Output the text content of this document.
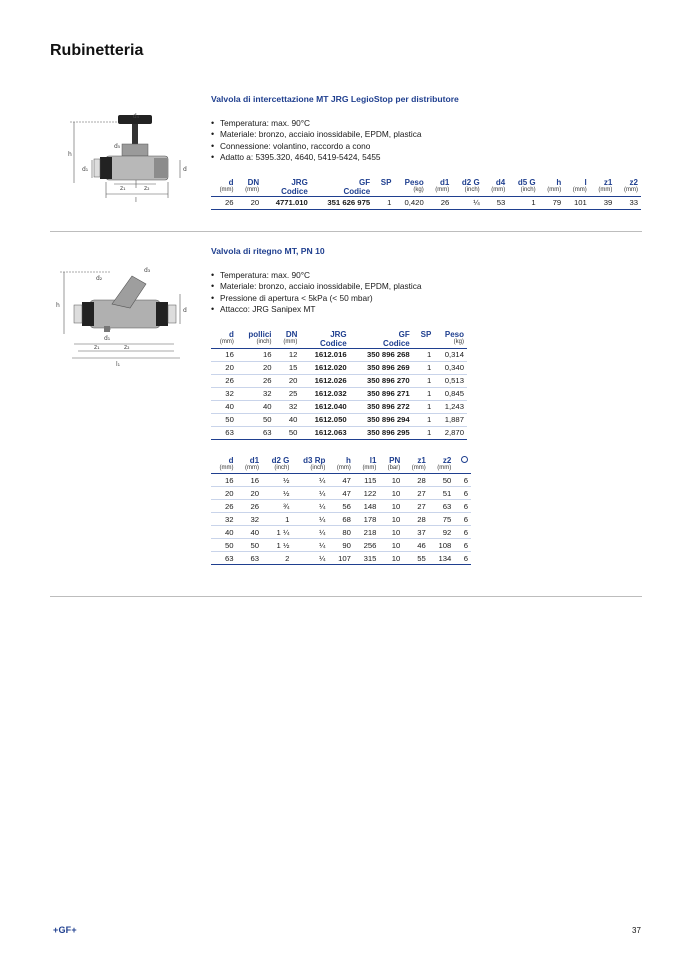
Rubinetteria
d₄
h
d₅
d₁	d
z₁	z₂
l
Valvola di intercettazione MT JRG LegioStop per distributore
• Temperatura: max. 90°C
• Materiale: bronzo, acciaio inossidabile, EPDM, plastica
• Connessione: volantino, raccordo a cono
• Adatto a: 5395.320, 4640, 5419-5424, 5455
d	DN	JRG	GF	SP	Peso	d1	d2 G	d4	d5 G	h	l	z1	z2
(mm)	(mm)	Codice	Codice		(kg)	(mm)	(inch)	(mm)	(inch)	(mm)	(mm)	(mm)	(mm)
26	20	4771.010	351 626 975	1	0,420	26	¼	53	1	79	101	39	33
d₃
d₂
h
d₁
d
z₁	z₂
l₁
Valvola di ritegno MT, PN 10
• Temperatura: max. 90°C
• Materiale: bronzo, acciaio inossidabile, EPDM, plastica
• Pressione di apertura < 5kPa (< 50 mbar)
• Attacco: JRG Sanipex MT
d	pollici	DN	JRG	GF	SP	Peso
(mm)	(inch)	(mm)	Codice	Codice		(kg)
16	16	12	1612.016	350 896 268	1	0,314
20	20	15	1612.020	350 896 269	1	0,340
26	26	20	1612.026	350 896 270	1	0,513
32	32	25	1612.032	350 896 271	1	0,845
40	40	32	1612.040	350 896 272	1	1,243
50	50	40	1612.050	350 896 294	1	1,887
63	63	50	1612.063	350 896 295	1	2,870
d	d1	d2 G	d3 Rp	h	l1	PN	z1	z2	
(mm)	(mm)	(inch)	(inch)	(mm)	(mm)	(bar)	(mm)	(mm)	
16	16	½	¼	47	115	10	28	50	6
20	20	½	¼	47	122	10	27	51	6
26	26	¾	¼	56	148	10	27	63	6
32	32	1	¼	68	178	10	28	75	6
40	40	1 ¼	¼	80	218	10	37	92	6
50	50	1 ½	¼	90	256	10	46	108	6
63	63	2	¼	107	315	10	55	134	6
+GF+	37
